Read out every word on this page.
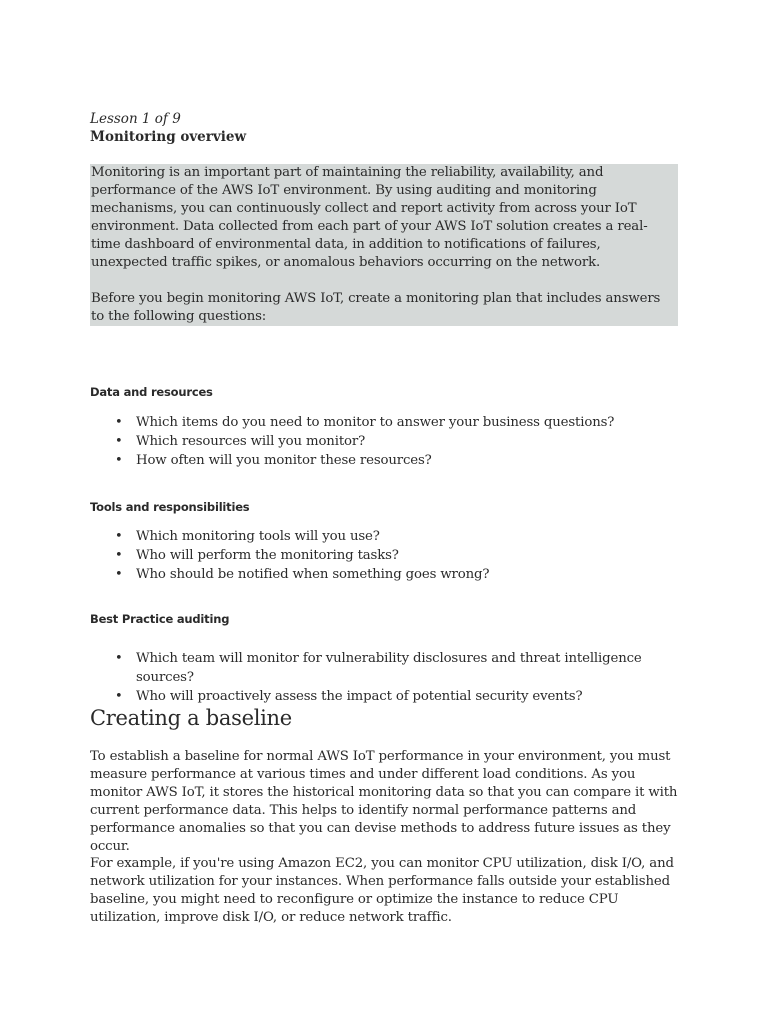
Lesson 1 of 9
Monitoring overview

Monitoring is an important part of maintaining the reliability, availability, and performance of the AWS IoT environment. By using auditing and monitoring mechanisms, you can continuously collect and report activity from across your IoT environment. Data collected from each part of your AWS IoT solution creates a real-time dashboard of environmental data, in addition to notifications of failures, unexpected traffic spikes, or anomalous behaviors occurring on the network.

Before you begin monitoring AWS IoT, create a monitoring plan that includes answers to the following questions:

Data and resources
• Which items do you need to monitor to answer your business questions?
• Which resources will you monitor?
• How often will you monitor these resources?
Tools and responsibilities
• Which monitoring tools will you use?
• Who will perform the monitoring tasks?
• Who should be notified when something goes wrong?
Best Practice auditing
• Which team will monitor for vulnerability disclosures and threat intelligence sources?
• Who will proactively assess the impact of potential security events?
Creating a baseline

To establish a baseline for normal AWS IoT performance in your environment, you must measure performance at various times and under different load conditions. As you monitor AWS IoT, it stores the historical monitoring data so that you can compare it with current performance data. This helps to identify normal performance patterns and performance anomalies so that you can devise methods to address future issues as they occur.

For example, if you're using Amazon EC2, you can monitor CPU utilization, disk I/O, and network utilization for your instances. When performance falls outside your established baseline, you might need to reconfigure or optimize the instance to reduce CPU utilization, improve disk I/O, or reduce network traffic.
